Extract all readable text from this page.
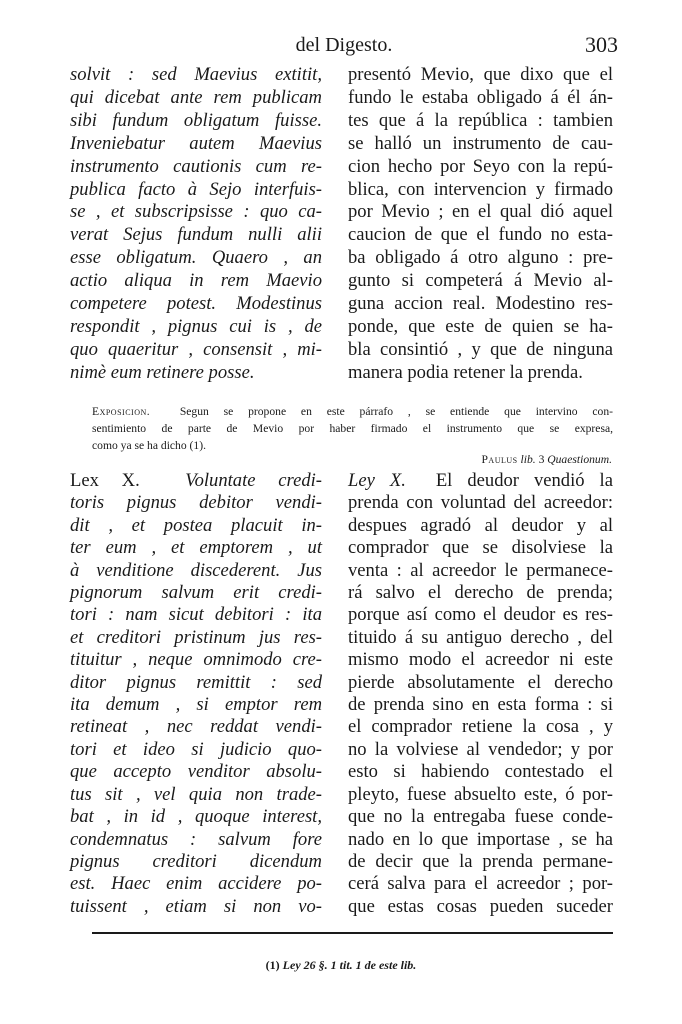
del Digesto.	303
solvit : sed Maevius extitit,
qui dicebat ante rem publicam
sibi fundum obligatum fuisse.
Inveniebatur autem Maevius
instrumento cautionis cum re-
publica facto à Sejo interfuis-
se , et subscripsisse : quo ca-
verat Sejus fundum nulli alii
esse obligatum. Quaero , an
actio aliqua in rem Maevio
competere potest. Modestinus
respondit , pignus cui is , de
quo quaeritur , consensit , mi-
nimè eum retinere posse.
presentó Mevio, que dixo que el
fundo le estaba obligado á él án-
tes que á la república : tambien
se halló un instrumento de cau-
cion hecho por Seyo con la repú-
blica, con intervencion y firmado
por Mevio ; en el qual dió aquel
caucion de que el fundo no esta-
ba obligado á otro alguno : pre-
gunto si competerá á Mevio al-
guna accion real. Modestino res-
ponde, que este de quien se ha-
bla consintió , y que de ninguna
manera podia retener la prenda.
Exposicion.	Segun se propone en este párrafo , se entiende que intervino con-
sentimiento de parte de Mevio por haber firmado el instrumento que se expresa,
como ya se ha dicho (1).
Paulus lib. 3 Quaestionum.
Lex X. Voluntate credi-
toris pignus debitor vendi-
dit , et postea placuit in-
ter eum , et emptorem , ut
à venditione discederent. Jus
pignorum salvum erit credi-
tori : nam sicut debitori : ita
et creditori pristinum jus res-
tituitur , neque omnimodo cre-
ditor pignus remittit : sed
ita demum , si emptor rem
retineat , nec reddat vendi-
tori et ideo si judicio quo-
que accepto venditor absolu-
tus sit , vel quia non trade-
bat , in id , quoque interest,
condemnatus : salvum fore
pignus creditori dicendum
est. Haec enim accidere po-
tuissent , etiam si non vo-
Ley X. El deudor vendió la
prenda con voluntad del acreedor:
despues agradó al deudor y al
comprador que se disolviese la
venta : al acreedor le permanece-
rá salvo el derecho de prenda;
porque así como el deudor es res-
tituido á su antiguo derecho , del
mismo modo el acreedor ni este
pierde absolutamente el derecho
de prenda sino en esta forma : si
el comprador retiene la cosa , y
no la volviese al vendedor; y por
esto si habiendo contestado el
pleyto, fuese absuelto este, ó por-
que no la entregaba fuese conde-
nado en lo que importase , se ha
de decir que la prenda permane-
cerá salva para el acreedor ; por-
que estas cosas pueden suceder
(1) Ley 26 §. 1 tit. 1 de este lib.
